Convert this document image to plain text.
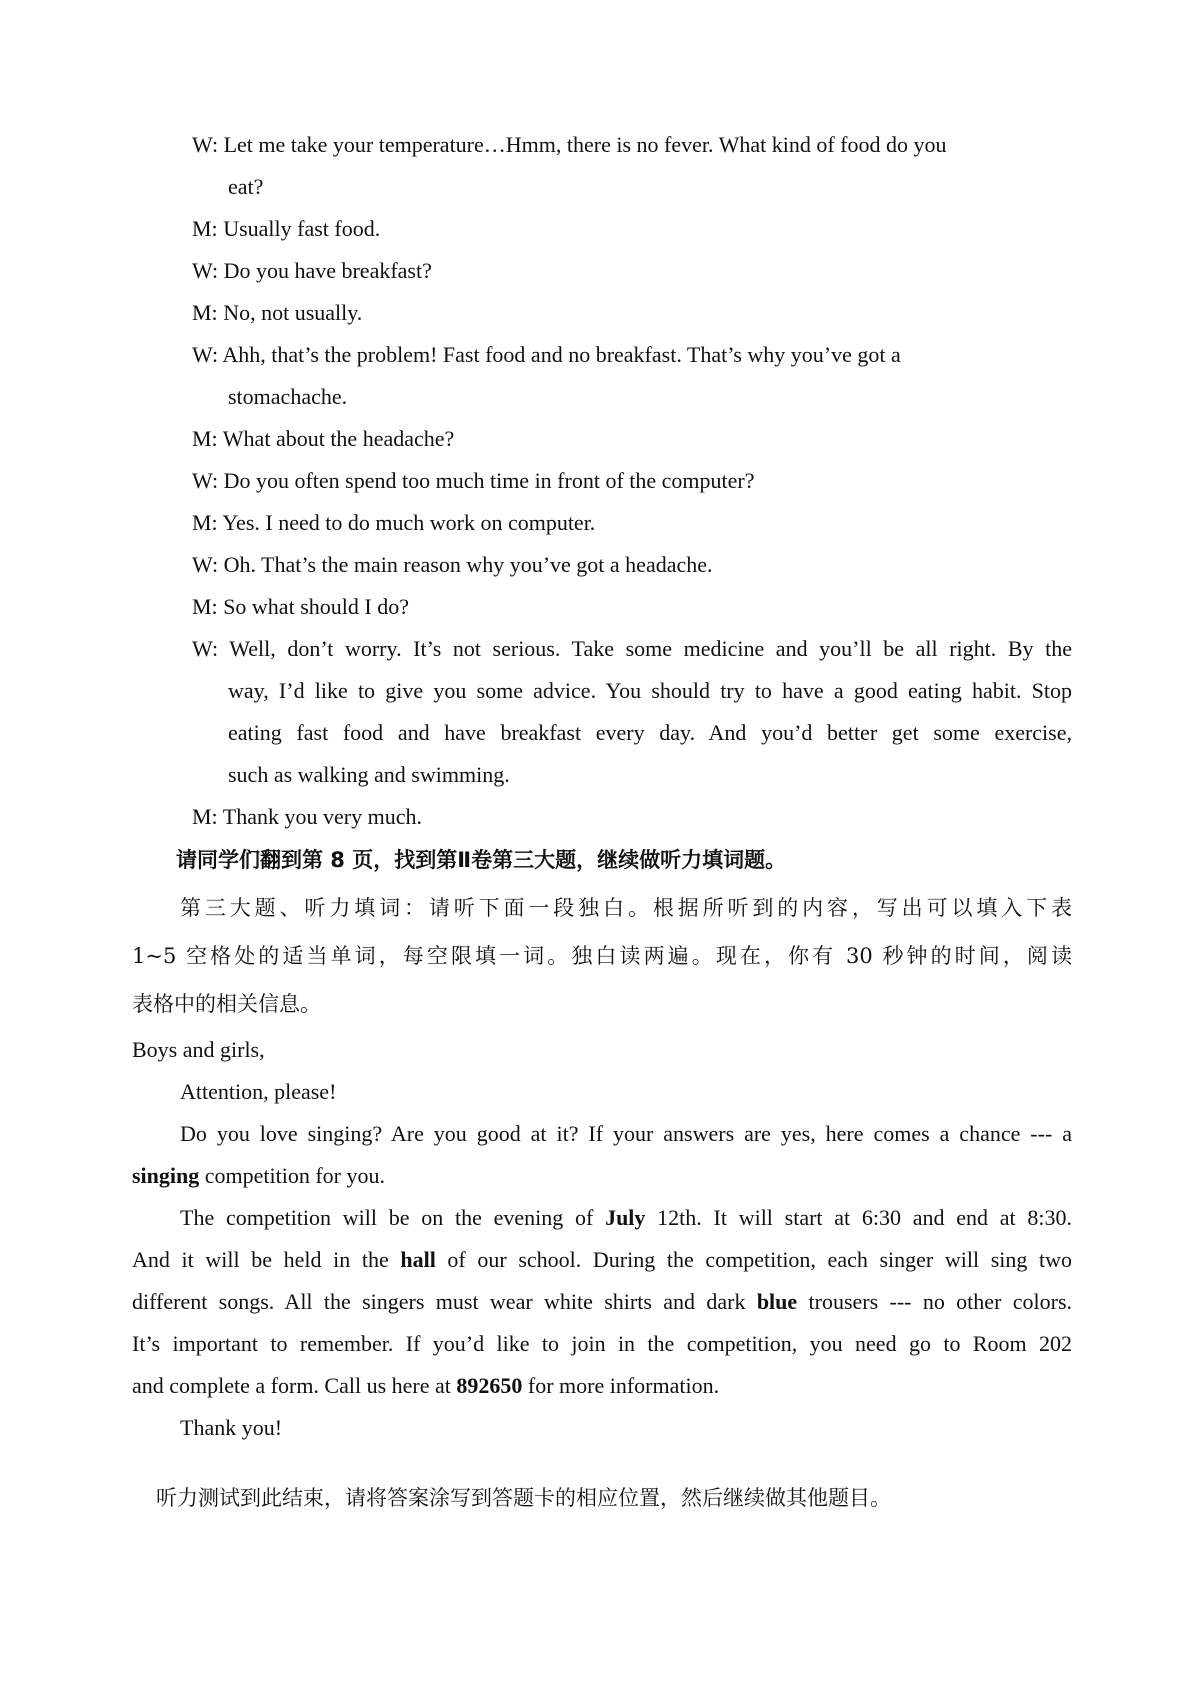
W: Let me take your temperature…Hmm, there is no fever. What kind of food do you
eat?
M: Usually fast food.
W: Do you have breakfast?
M: No, not usually.
W: Ahh, that’s the problem! Fast food and no breakfast. That’s why you’ve got a
stomachache.
M: What about the headache?
W: Do you often spend too much time in front of the computer?
M: Yes. I need to do much work on computer.
W: Oh. That’s the main reason why you’ve got a headache.
M: So what should I do?
W: Well, don’t worry. It’s not serious. Take some medicine and you’ll be all right. By the
way, I’d like to give you some advice. You should try to have a good eating habit. Stop
eating fast food and have breakfast every day. And you’d better get some exercise,
such as walking and swimming.
M: Thank you very much.
请同学们翻到第 8 页，找到第Ⅱ卷第三大题，继续做听力填词题。
第三大题、听力填词：请听下面一段独白。根据所听到的内容，写出可以填入下表
1~5 空格处的适当单词，每空限填一词。独白读两遍。现在，你有 30 秒钟的时间，阅读
表格中的相关信息。
Boys and girls,
Attention, please!
Do you love singing? Are you good at it? If your answers are yes, here comes a chance --- a
singing competition for you.
The competition will be on the evening of July 12th. It will start at 6:30 and end at 8:30.
And it will be held in the hall of our school. During the competition, each singer will sing two
different songs. All the singers must wear white shirts and dark blue trousers --- no other colors.
It’s important to remember. If you’d like to join in the competition, you need go to Room 202
and complete a form. Call us here at 892650 for more information.
Thank you!
听力测试到此结束，请将答案涂写到答题卡的相应位置，然后继续做其他题目。
